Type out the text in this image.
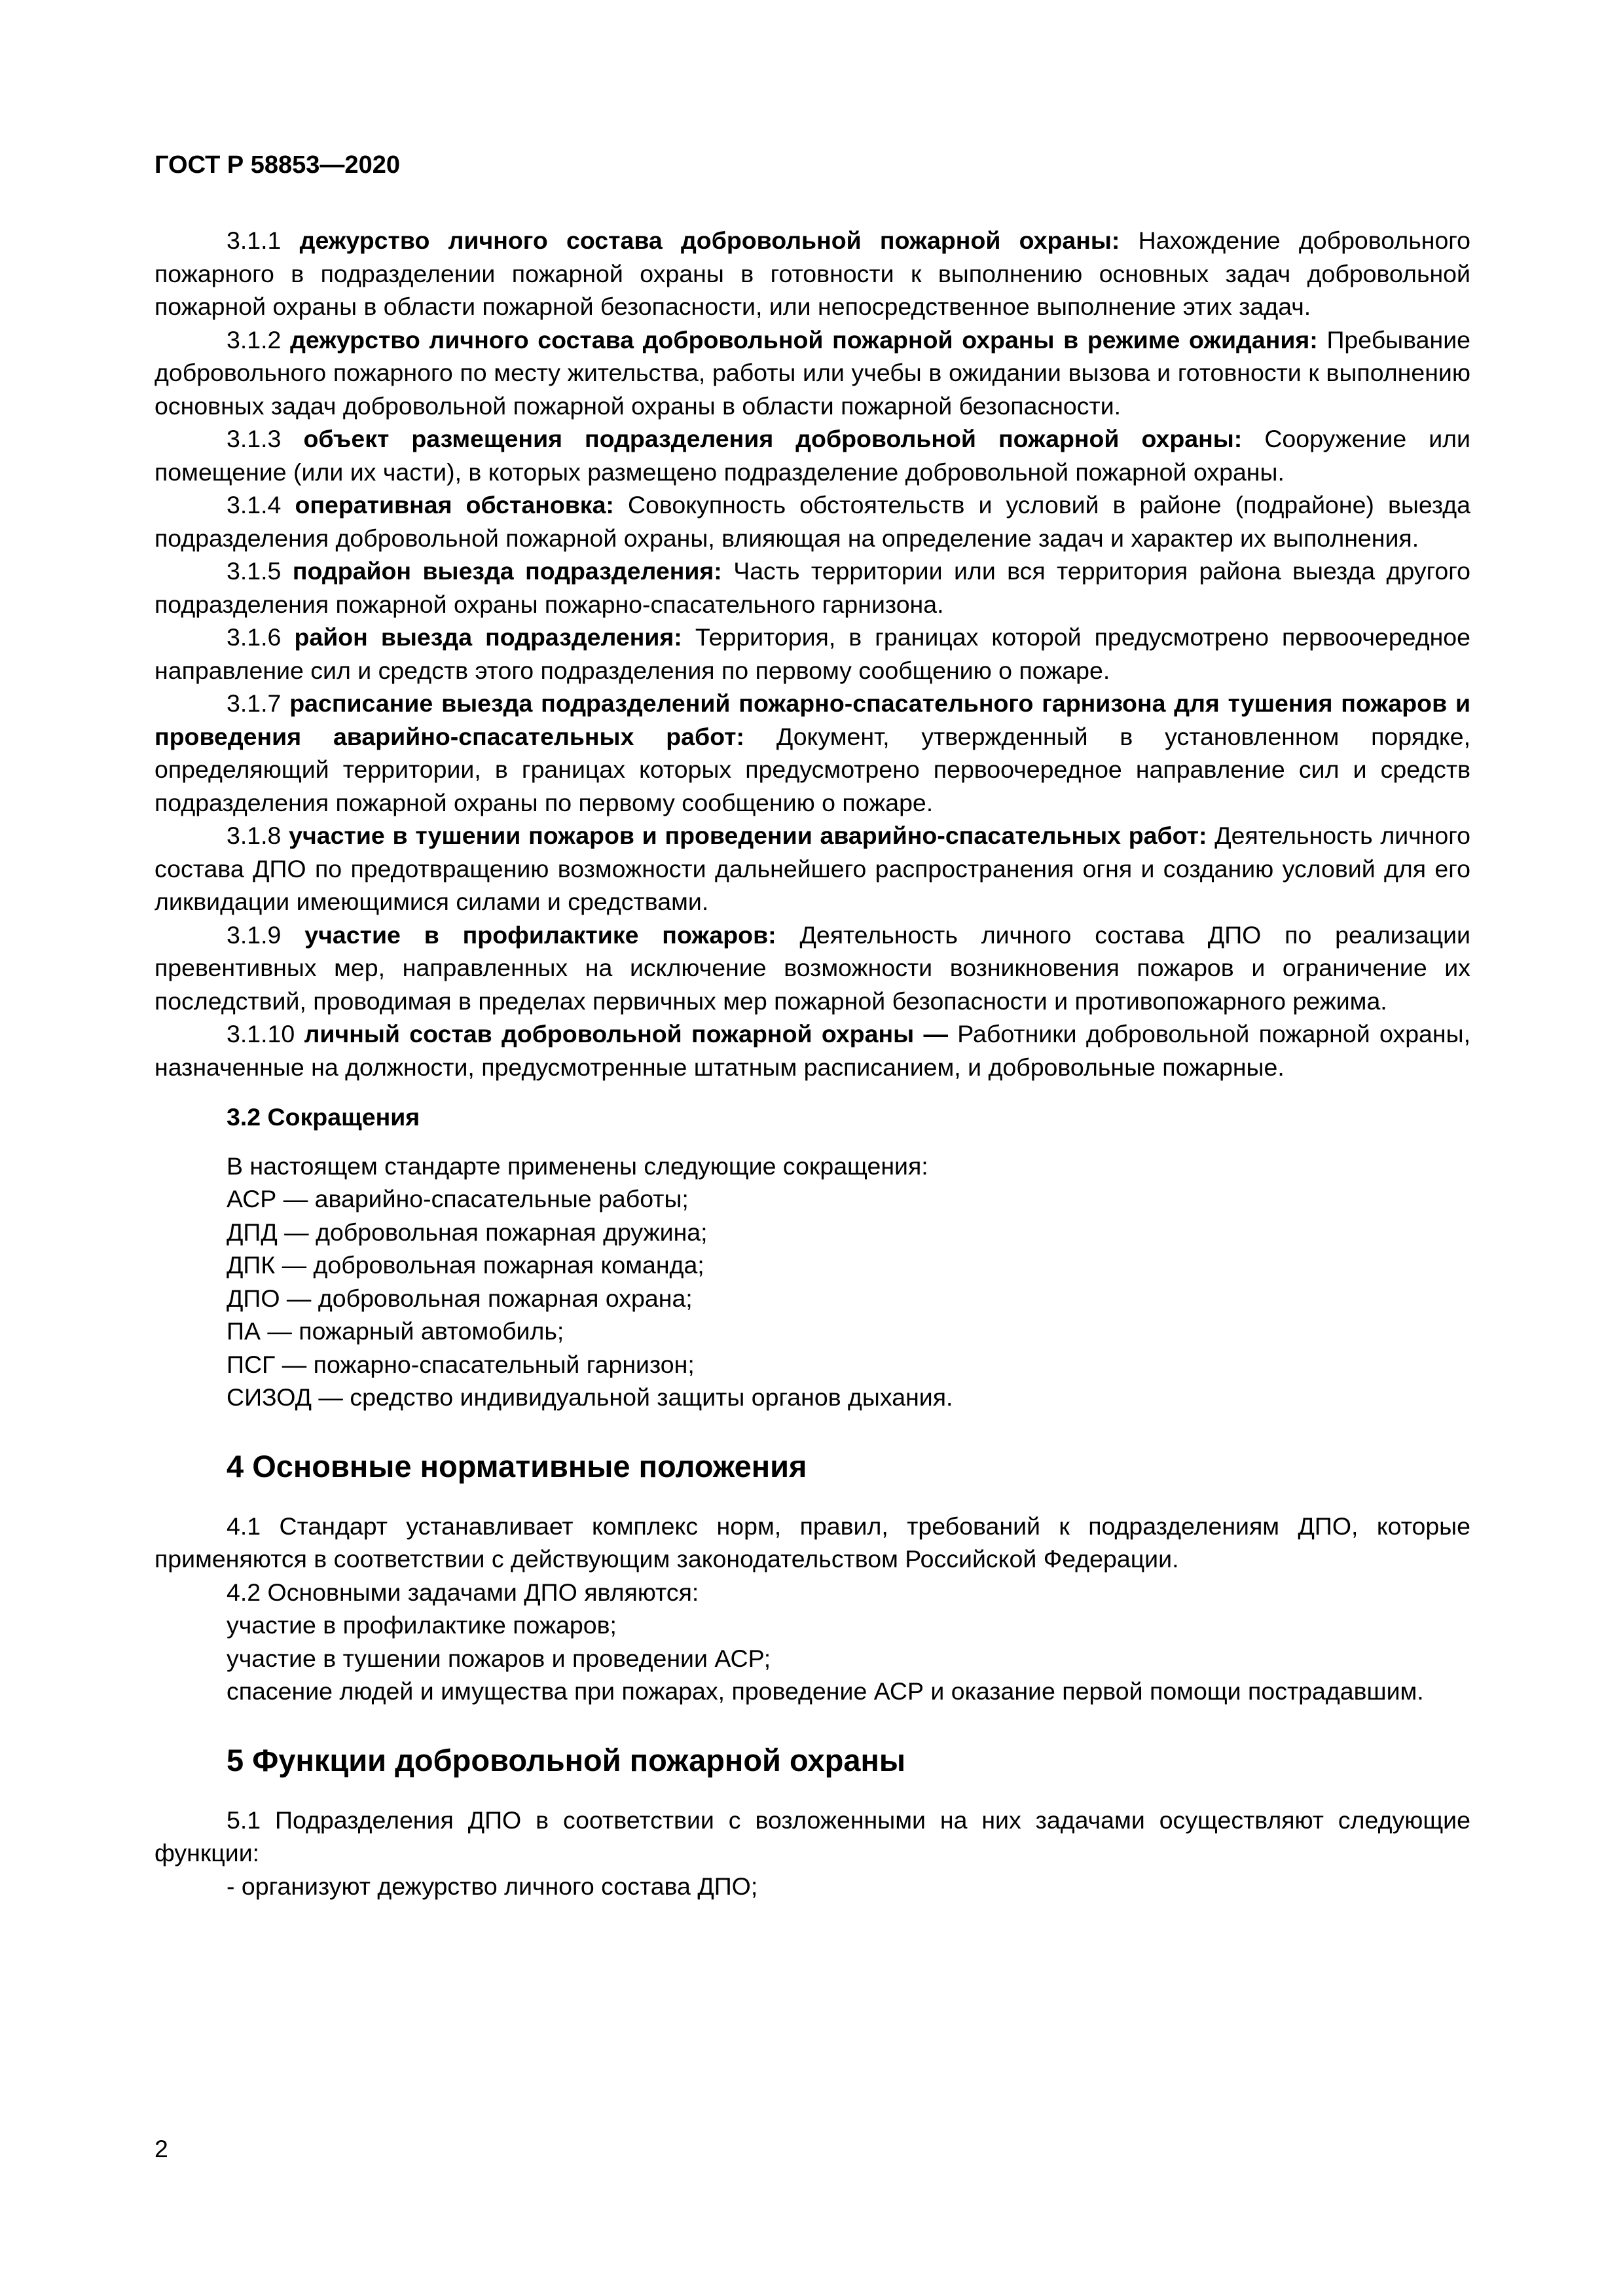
ГОСТ Р 58853—2020

3.1.1 дежурство личного состава добровольной пожарной охраны: Нахождение добровольного пожарного в подразделении пожарной охраны в готовности к выполнению основных задач добровольной пожарной охраны в области пожарной безопасности, или непосредственное выполнение этих задач.

3.1.2 дежурство личного состава добровольной пожарной охраны в режиме ожидания: Пребывание добровольного пожарного по месту жительства, работы или учебы в ожидании вызова и готовности к выполнению основных задач добровольной пожарной охраны в области пожарной безопасности.

3.1.3 объект размещения подразделения добровольной пожарной охраны: Сооружение или помещение (или их части), в которых размещено подразделение добровольной пожарной охраны.

3.1.4 оперативная обстановка: Совокупность обстоятельств и условий в районе (подрайоне) выезда подразделения добровольной пожарной охраны, влияющая на определение задач и характер их выполнения.

3.1.5 подрайон выезда подразделения: Часть территории или вся территория района выезда другого подразделения пожарной охраны пожарно-спасательного гарнизона.

3.1.6 район выезда подразделения: Территория, в границах которой предусмотрено первоочередное направление сил и средств этого подразделения по первому сообщению о пожаре.

3.1.7 расписание выезда подразделений пожарно-спасательного гарнизона для тушения пожаров и проведения аварийно-спасательных работ: Документ, утвержденный в установленном порядке, определяющий территории, в границах которых предусмотрено первоочередное направление сил и средств подразделения пожарной охраны по первому сообщению о пожаре.

3.1.8 участие в тушении пожаров и проведении аварийно-спасательных работ: Деятельность личного состава ДПО по предотвращению возможности дальнейшего распространения огня и созданию условий для его ликвидации имеющимися силами и средствами.

3.1.9 участие в профилактике пожаров: Деятельность личного состава ДПО по реализации превентивных мер, направленных на исключение возможности возникновения пожаров и ограничение их последствий, проводимая в пределах первичных мер пожарной безопасности и противопожарного режима.

3.1.10 личный состав добровольной пожарной охраны — Работники добровольной пожарной охраны, назначенные на должности, предусмотренные штатным расписанием, и добровольные пожарные.

3.2 Сокращения

В настоящем стандарте применены следующие сокращения:

АСР — аварийно-спасательные работы;

ДПД — добровольная пожарная дружина;

ДПК — добровольная пожарная команда;

ДПО — добровольная пожарная охрана;

ПА — пожарный автомобиль;

ПСГ — пожарно-спасательный гарнизон;

СИЗОД — средство индивидуальной защиты органов дыхания.

4 Основные нормативные положения

4.1 Стандарт устанавливает комплекс норм, правил, требований к подразделениям ДПО, которые применяются в соответствии с действующим законодательством Российской Федерации.

4.2 Основными задачами ДПО являются:

участие в профилактике пожаров;

участие в тушении пожаров и проведении АСР;

спасение людей и имущества при пожарах, проведение АСР и оказание первой помощи пострадавшим.

5 Функции добровольной пожарной охраны

5.1 Подразделения ДПО в соответствии с возложенными на них задачами осуществляют следующие функции:

- организуют дежурство личного состава ДПО;

2
